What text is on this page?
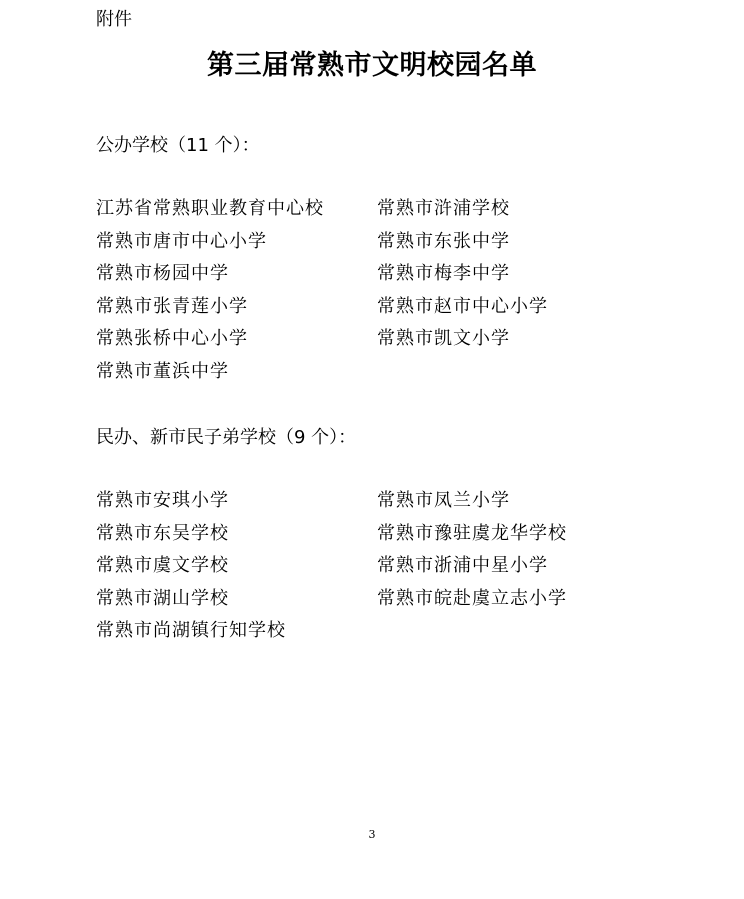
附件
第三届常熟市文明校园名单
公办学校（11 个）：
江苏省常熟职业教育中心校	常熟市浒浦学校
常熟市唐市中心小学	常熟市东张中学
常熟市杨园中学	常熟市梅李中学
常熟市张青莲小学	常熟市赵市中心小学
常熟张桥中心小学	常熟市凯文小学
常熟市董浜中学
民办、新市民子弟学校（9 个）：
常熟市安琪小学	常熟市凤兰小学
常熟市东吴学校	常熟市豫驻虞龙华学校
常熟市虞文学校	常熟市浙浦中星小学
常熟市湖山学校	常熟市皖赴虞立志小学
常熟市尚湖镇行知学校
3
